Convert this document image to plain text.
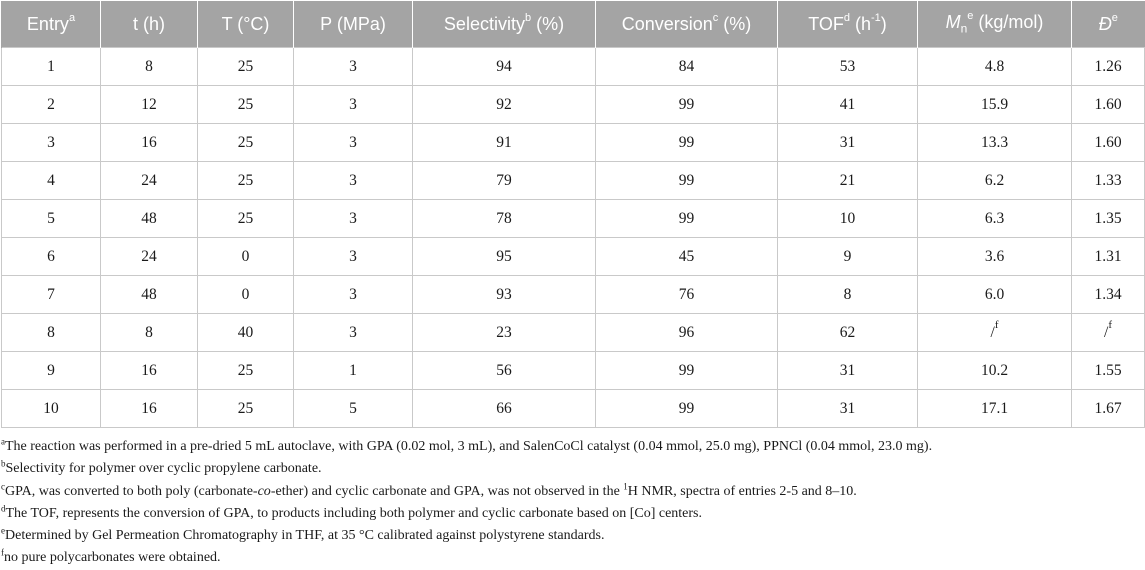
Entry$^a$	t (h)	T (°C)	P (MPa)	Selectivity$^b$ (%)	Conversion$^c$ (%)	TOF$^d$ $(h^{-1})$	$M_n^e$ (kg/mol)	$Đ^e$
1	8	25	3	94	84	53	4.8	1.26
2	12	25	3	92	99	41	15.9	1.60
3	16	25	3	91	99	31	13.3	1.60
4	24	25	3	79	99	21	6.2	1.33
5	48	25	3	78	99	10	6.3	1.35
6	24	0	3	95	45	9	3.6	1.31
7	48	0	3	93	76	8	6.0	1.34
8	8	40	3	23	96	62	/$^f$	/$^f$
9	16	25	1	56	99	31	10.2	1.55
10	16	25	5	66	99	31	17.1	1.67
$^a$The reaction was performed in a pre-dried 5 mL autoclave, with GPA (0.02 mol, 3 mL), and SalenCoCl catalyst (0.04 mmol, 25.0 mg), PPNCl (0.04 mmol, 23.0 mg).
$^b$Selectivity for polymer over cyclic propylene carbonate.
$^c$GPA, was converted to both poly (carbonate-co-ether) and cyclic carbonate and GPA, was not observed in the $^1$H NMR, spectra of entries 2-5 and 8–10.
$^d$The TOF, represents the conversion of GPA, to products including both polymer and cyclic carbonate based on [Co] centers.
$^e$Determined by Gel Permeation Chromatography in THF, at 35 °C calibrated against polystyrene standards.
$^f$no pure polycarbonates were obtained.
